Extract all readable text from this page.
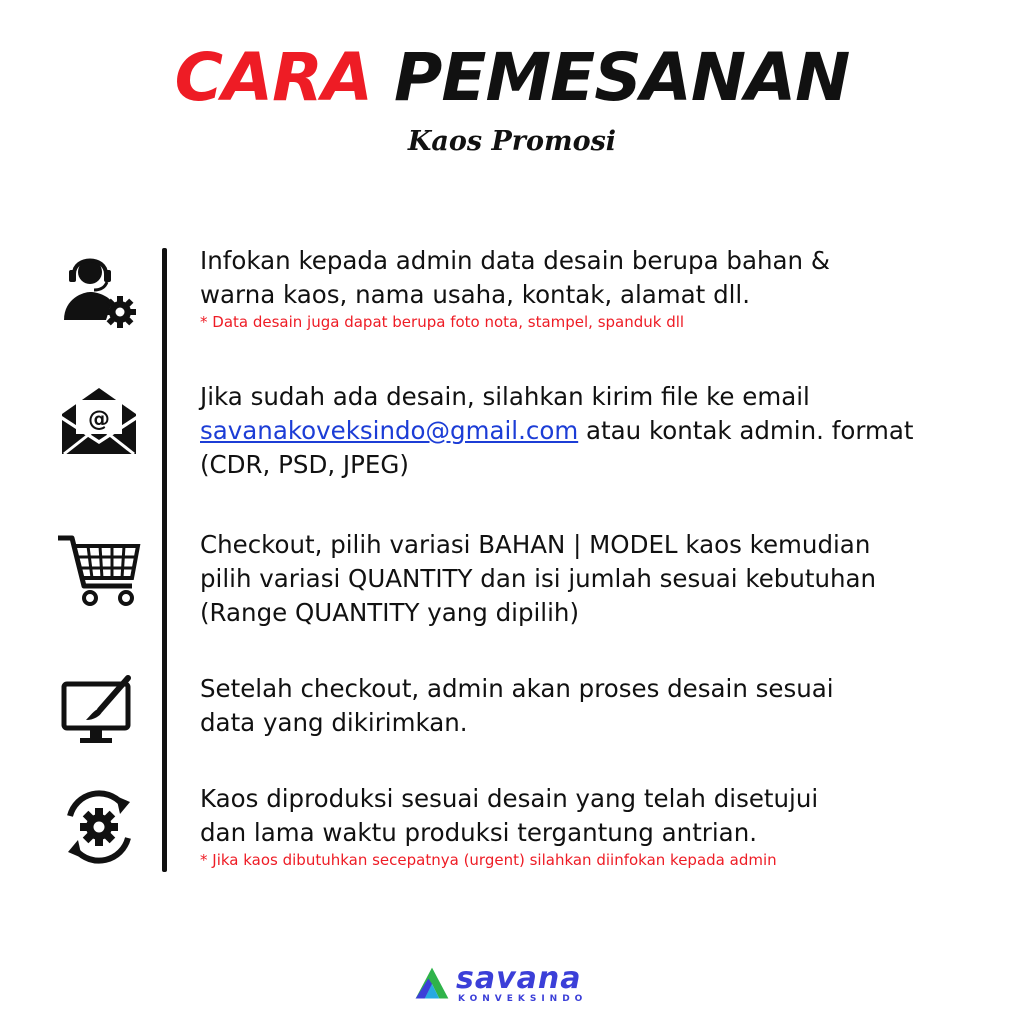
CARA PEMESANAN
Kaos Promosi
Infokan kepada admin data desain berupa bahan &
warna kaos, nama usaha, kontak, alamat dll.
* Data desain juga dapat berupa foto nota, stampel, spanduk dll
@
Jika sudah ada desain, silahkan kirim file ke email
savanakoveksindo@gmail.com atau kontak admin. format
(CDR, PSD, JPEG)
Checkout, pilih variasi BAHAN | MODEL kaos kemudian
pilih variasi QUANTITY dan isi jumlah sesuai kebutuhan
(Range QUANTITY yang dipilih)
Setelah checkout, admin akan proses desain sesuai
data yang dikirimkan.
Kaos diproduksi sesuai desain yang telah disetujui
dan lama waktu produksi tergantung antrian.
* Jika kaos dibutuhkan secepatnya (urgent) silahkan diinfokan kepada admin
savana
KONVEKSINDO
